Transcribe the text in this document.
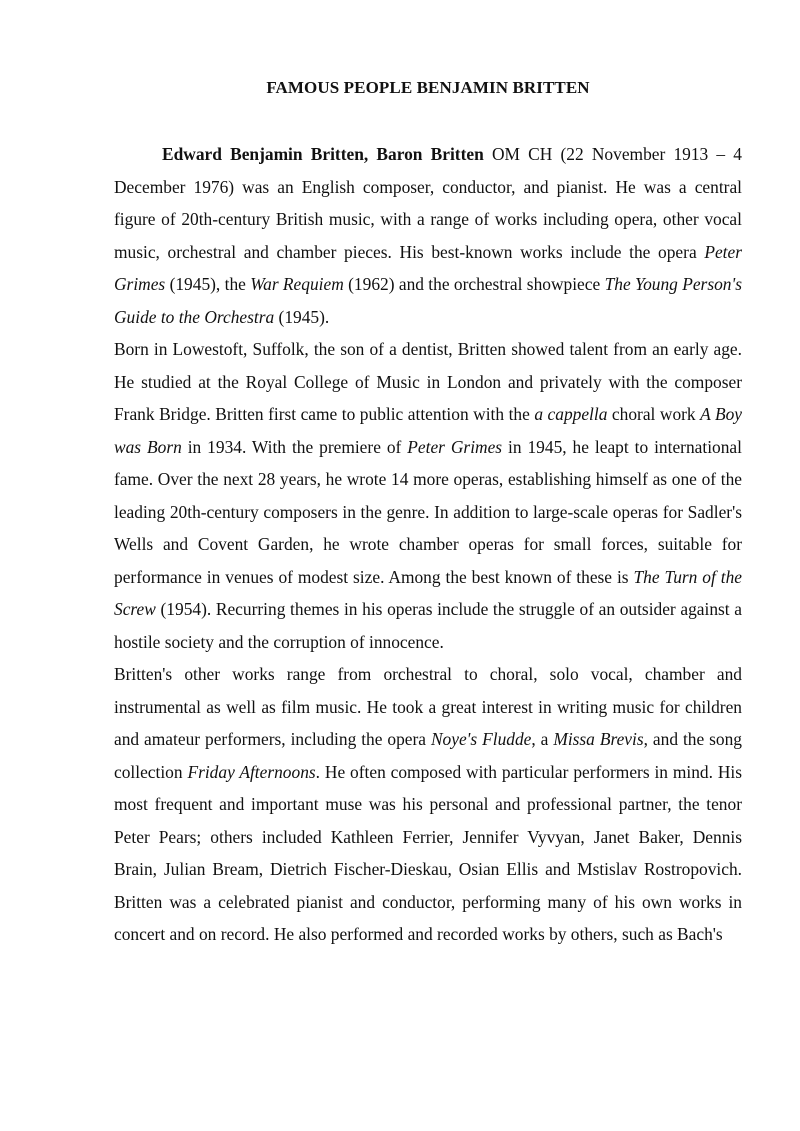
FAMOUS PEOPLE BENJAMIN BRITTEN

Edward Benjamin Britten, Baron Britten OM CH (22 November 1913 – 4 December 1976) was an English composer, conductor, and pianist. He was a central figure of 20th-century British music, with a range of works including opera, other vocal music, orchestral and chamber pieces. His best-known works include the opera Peter Grimes (1945), the War Requiem (1962) and the orchestral showpiece The Young Person's Guide to the Orchestra (1945).

Born in Lowestoft, Suffolk, the son of a dentist, Britten showed talent from an early age. He studied at the Royal College of Music in London and privately with the composer Frank Bridge. Britten first came to public attention with the a cappella choral work A Boy was Born in 1934. With the premiere of Peter Grimes in 1945, he leapt to international fame. Over the next 28 years, he wrote 14 more operas, establishing himself as one of the leading 20th-century composers in the genre. In addition to large-scale operas for Sadler's Wells and Covent Garden, he wrote chamber operas for small forces, suitable for performance in venues of modest size. Among the best known of these is The Turn of the Screw (1954). Recurring themes in his operas include the struggle of an outsider against a hostile society and the corruption of innocence.

Britten's other works range from orchestral to choral, solo vocal, chamber and instrumental as well as film music. He took a great interest in writing music for children and amateur performers, including the opera Noye's Fludde, a Missa Brevis, and the song collection Friday Afternoons. He often composed with particular performers in mind. His most frequent and important muse was his personal and professional partner, the tenor Peter Pears; others included Kathleen Ferrier, Jennifer Vyvyan, Janet Baker, Dennis Brain, Julian Bream, Dietrich Fischer-Dieskau, Osian Ellis and Mstislav Rostropovich. Britten was a celebrated pianist and conductor, performing many of his own works in concert and on record. He also performed and recorded works by others, such as Bach's
